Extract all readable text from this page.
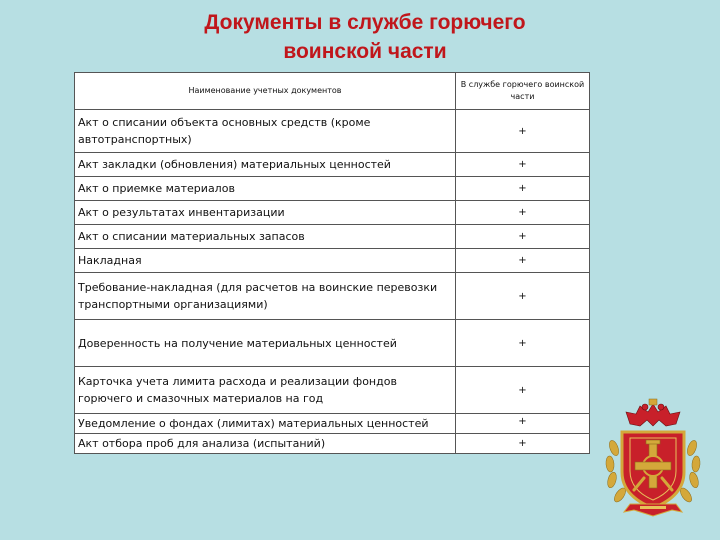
Документы в службе горючего
воинской части
Наименование учетных документов	В службе горючего воинской части
Акт о списании объекта основных средств (кроме автотранспортных)	+
Акт закладки (обновления) материальных ценностей	+
Акт о приемке материалов	+
Акт о результатах инвентаризации	+
Акт о списании материальных запасов	+
Накладная	+
Требование-накладная (для расчетов на воинские перевозки транспортными организациями)	+
Доверенность на получение материальных ценностей	+
Карточка учета лимита расхода и реализации фондов горючего и смазочных материалов на год	+
Уведомление о фондах (лимитах) материальных ценностей	+
Акт отбора проб для анализа (испытаний)	+
